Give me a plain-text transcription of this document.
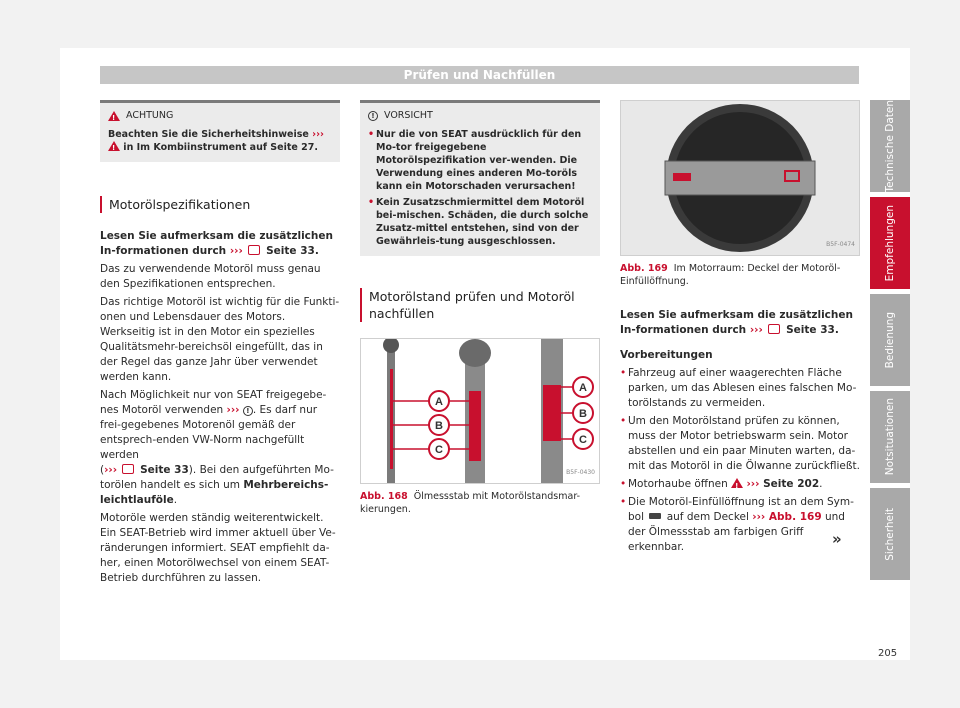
Prüfen und Nachfüllen
!
ACHTUNG
Beachten Sie die Sicherheitshinweise ››› ! in Im Kombiinstrument auf Seite 27.
Motorölspezifikationen

Lesen Sie aufmerksam die zusätzlichen In-formationen durch ›››  Seite 33.

Das zu verwendende Motoröl muss genau den Spezifikationen entsprechen.

Das richtige Motoröl ist wichtig für die Funkti-onen und Lebensdauer des Motors. Werkseitig ist in den Motor ein spezielles Qualitätsmehr-bereichsöl eingefüllt, das in der Regel das ganze Jahr über verwendet werden kann.

Nach Möglichkeit nur von SEAT freigegebe-nes Motoröl verwenden ››› ! . Es darf nur frei-gegebenes Motorenöl gemäß der entsprech-enden VW-Norm nachgefüllt werden
(›››  Seite 33). Bei den aufgeführten Mo-torölen handelt es sich um Mehrbereichs-leichtlauföle.

Motoröle werden ständig weiterentwickelt. Ein SEAT-Betrieb wird immer aktuell über Ve-ränderungen informiert. SEAT empfiehlt da-her, einen Motorölwechsel von einem SEAT-Betrieb durchführen zu lassen.

! VORSICHT
• Nur die von SEAT ausdrücklich für den Mo-tor freigegebene Motorölspezifikation ver-wenden. Die Verwendung eines anderen Mo-toröls kann ein Motorschaden verursachen!
• Kein Zusatzschmiermittel dem Motoröl bei-mischen. Schäden, die durch solche Zusatz-mittel entstehen, sind von der Gewährleis-tung ausgeschlossen.
Motorölstand prüfen und Motoröl nachfüllen
A
B
C
A
B
C
B5F-0430
Abb. 168 Ölmessstab mit Motorölstandsmar-kierungen.
B5F-0474
Abb. 169 Im Motorraum: Deckel der Motoröl-Einfüllöffnung.

Lesen Sie aufmerksam die zusätzlichen In-formationen durch ›››  Seite 33.

Vorbereitungen

• Fahrzeug auf einer waagerechten Fläche parken, um das Ablesen eines falschen Mo-torölstands zu vermeiden.
• Um den Motorölstand prüfen zu können, muss der Motor betriebswarm sein. Motor abstellen und ein paar Minuten warten, da-mit das Motoröl in die Ölwanne zurückfließt.
• Motorhaube öffnen ! ››› Seite 202.
• Die Motoröl-Einfüllöffnung ist an dem Sym-bol  auf dem Deckel ››› Abb. 169 und der Ölmessstab am farbigen Griff erkennbar.	»
Technische Daten
Empfehlungen
Bedienung
Notsituationen
Sicherheit
205
